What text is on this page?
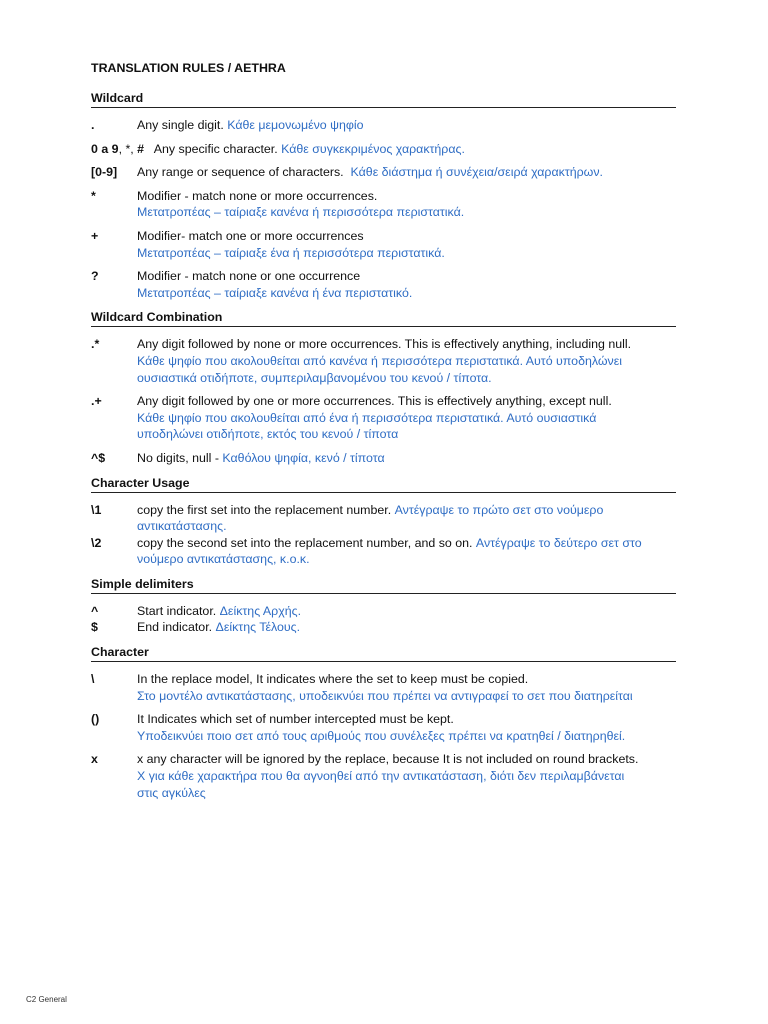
TRANSLATION RULES / AETHRA
Wildcard
.	Any single digit. Κάθε μεμονωμένο ψηφίο
0 a 9, *, # Any specific character. Κάθε συγκεκριμένος χαρακτήρας.
[0-9]	Any range or sequence of characters. Κάθε διάστημα ή συνέχεια/σειρά χαρακτήρων.
*	Modifier - match none or more occurrences.
Μετατροπέας – ταίριαξε κανένα ή περισσότερα περιστατικά.
+	Modifier- match one or more occurrences
Μετατροπέας – ταίριαξε ένα ή περισσότερα περιστατικά.
?	Modifier - match none or one occurrence
Μετατροπέας – ταίριαξε κανένα ή ένα περιστατικό.
Wildcard Combination
.*	Any digit followed by none or more occurrences. This is effectively anything, including null.
Κάθε ψηφίο που ακολουθείται από κανένα ή περισσότερα περιστατικά. Αυτό υποδηλώνει
ουσιαστικά οτιδήποτε, συμπεριλαμβανομένου του κενού / τίποτα.
.+	Any digit followed by one or more occurrences. This is effectively anything, except null.
Κάθε ψηφίο που ακολουθείται από ένα ή περισσότερα περιστατικά. Αυτό ουσιαστικά
υποδηλώνει οτιδήποτε, εκτός του κενού / τίποτα
^$	No digits, null - Καθόλου ψηφία, κενό / τίποτα
Character Usage
\1	copy the first set into the replacement number. Αντέγραψε το πρώτο σετ στο νούμερο
αντικατάστασης.
\2	copy the second set into the replacement number, and so on. Αντέγραψε το δεύτερο σετ στο
νούμερο αντικατάστασης, κ.ο.κ.
Simple delimiters
^	Start indicator. Δείκτης Αρχής.
$	End indicator. Δείκτης Τέλους.
Character
\	In the replace model, It indicates where the set to keep must be copied.
Στο μοντέλο αντικατάστασης, υποδεικνύει που πρέπει να αντιγραφεί το σετ που διατηρείται
()	It Indicates which set of number intercepted must be kept.
Υποδεικνύει ποιο σετ από τους αριθμούς που συνέλεξες πρέπει να κρατηθεί / διατηρηθεί.
x	x any character will be ignored by the replace, because It is not included on round brackets.
Χ για κάθε χαρακτήρα που θα αγνοηθεί από την αντικατάσταση, διότι δεν περιλαμβάνεται
στις αγκύλες
C2 General
